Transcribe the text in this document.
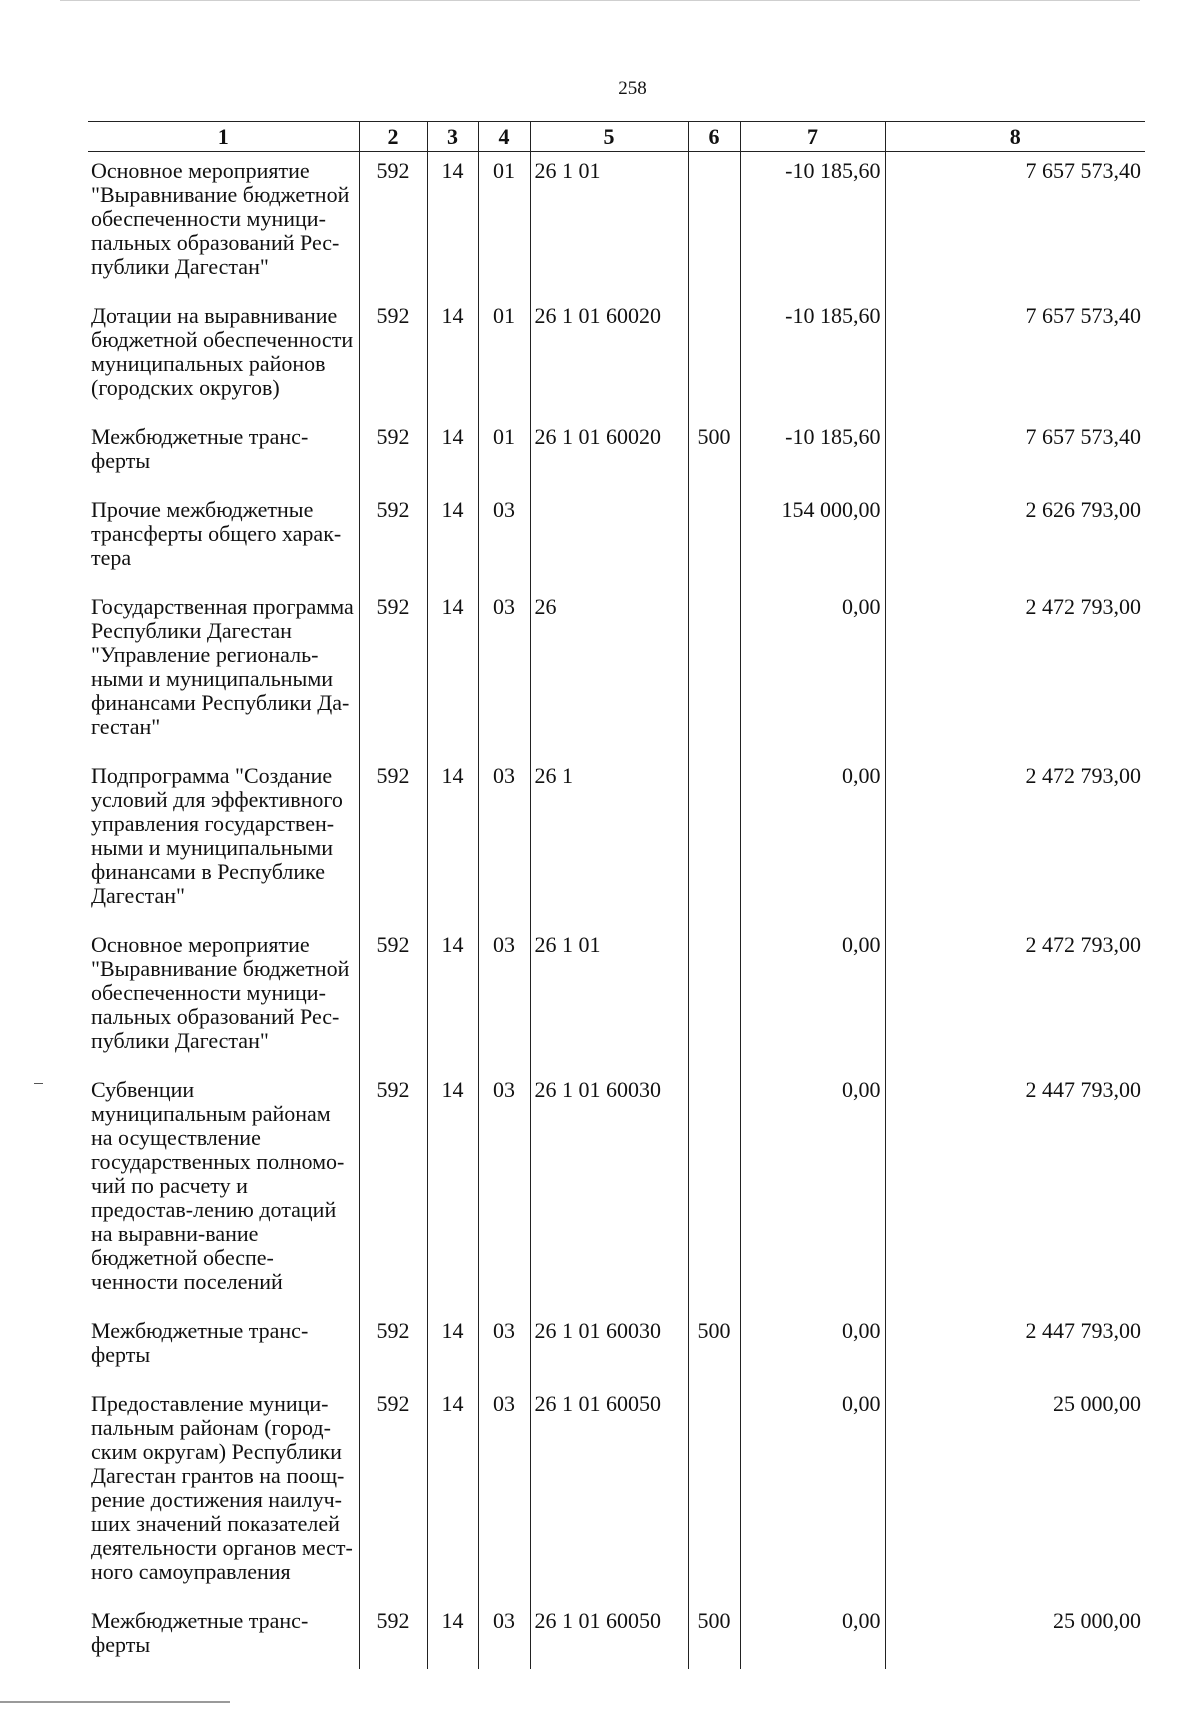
258
1	2	3	4	5	6	7	8
Основное мероприятие "Выравнивание бюджетной обеспеченности муници-пальных образований Рес-публики Дагестан"	592	14	01	26 1 01		-10 185,60	7 657 573,40
Дотации на выравнивание бюджетной обеспеченности муниципальных районов (городских округов)	592	14	01	26 1 01 60020		-10 185,60	7 657 573,40
Межбюджетные транс-ферты	592	14	01	26 1 01 60020	500	-10 185,60	7 657 573,40
Прочие межбюджетные трансферты общего харак-тера	592	14	03			154 000,00	2 626 793,00
Государственная программа Республики Дагестан "Управление региональ-ными и муниципальными финансами Республики Да-гестан"	592	14	03	26		0,00	2 472 793,00
Подпрограмма "Создание условий для эффективного управления государствен-ными и муниципальными финансами в Республике Дагестан"	592	14	03	26 1		0,00	2 472 793,00
Основное мероприятие "Выравнивание бюджетной обеспеченности муници-пальных образований Рес-публики Дагестан"	592	14	03	26 1 01		0,00	2 472 793,00
Субвенции муниципальным районам на осуществление государственных полномо-чий по расчету и предостав-лению дотаций на выравни-вание бюджетной обеспе-ченности поселений	592	14	03	26 1 01 60030		0,00	2 447 793,00
Межбюджетные транс-ферты	592	14	03	26 1 01 60030	500	0,00	2 447 793,00
Предоставление муници-пальным районам (город-ским округам) Республики Дагестан грантов на поощ-рение достижения наилуч-ших значений показателей деятельности органов мест-ного самоуправления	592	14	03	26 1 01 60050		0,00	25 000,00
Межбюджетные транс-ферты	592	14	03	26 1 01 60050	500	0,00	25 000,00
